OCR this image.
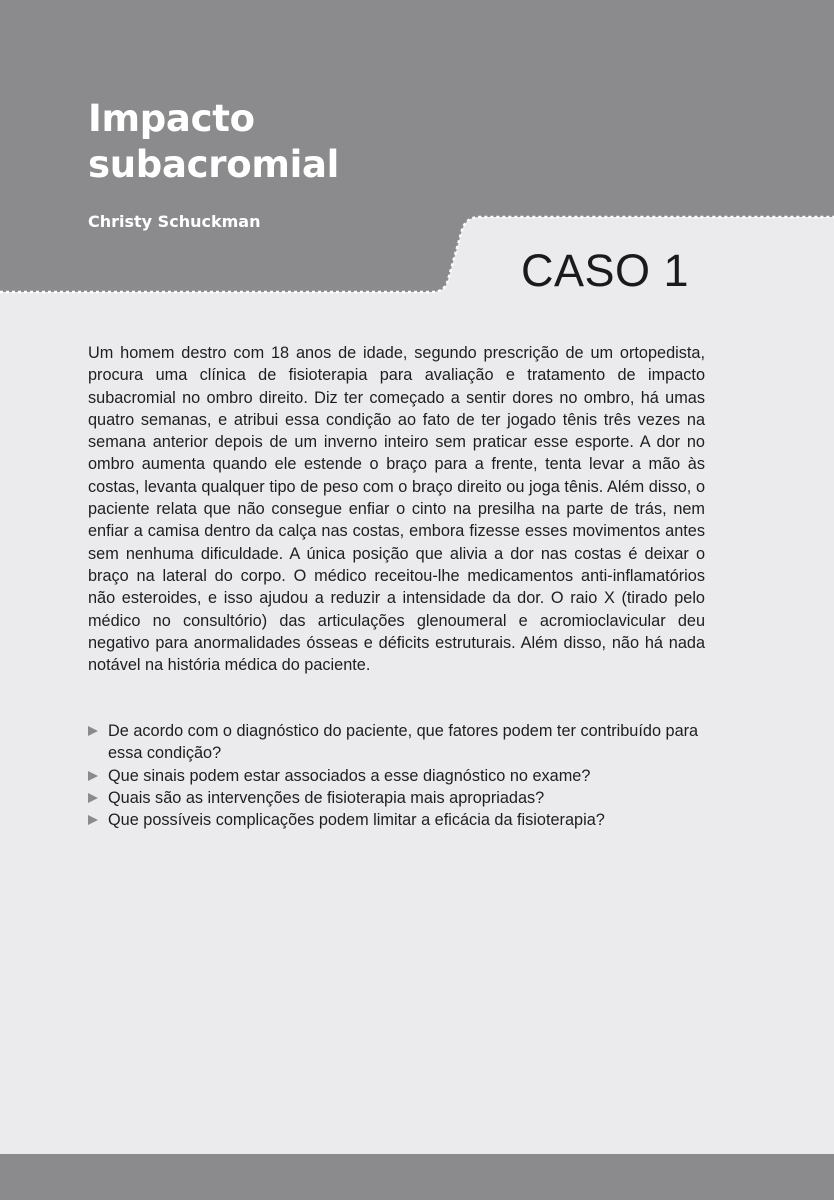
Impacto
subacromial
Christy Schuckman
CASO 1

Um homem destro com 18 anos de idade, segundo prescrição de um ortopedista, procura uma clínica de fisioterapia para avaliação e tratamento de impacto subacromial no ombro direito. Diz ter começado a sentir dores no ombro, há umas quatro semanas, e atribui essa condição ao fato de ter jogado tênis três vezes na semana anterior depois de um inverno inteiro sem praticar esse esporte. A dor no ombro aumenta quando ele estende o braço para a frente, tenta levar a mão às costas, levanta qualquer tipo de peso com o braço direito ou joga tênis. Além disso, o paciente relata que não consegue enfiar o cinto na presilha na parte de trás, nem enfiar a camisa dentro da calça nas costas, embora fizesse esses movimentos antes sem nenhuma dificuldade. A única posição que alivia a dor nas costas é deixar o braço na lateral do corpo. O médico receitou-lhe medicamentos anti-inflamatórios não esteroides, e isso ajudou a reduzir a intensidade da dor. O raio X (tirado pelo médico no consultório) das articulações glenoumeral e acromioclavicular deu negativo para anormalidades ósseas e déficits estruturais. Além disso, não há nada notável na história médica do paciente.

De acordo com o diagnóstico do paciente, que fatores podem ter contribuído para essa condição?
Que sinais podem estar associados a esse diagnóstico no exame?
Quais são as intervenções de fisioterapia mais apropriadas?
Que possíveis complicações podem limitar a eficácia da fisioterapia?
